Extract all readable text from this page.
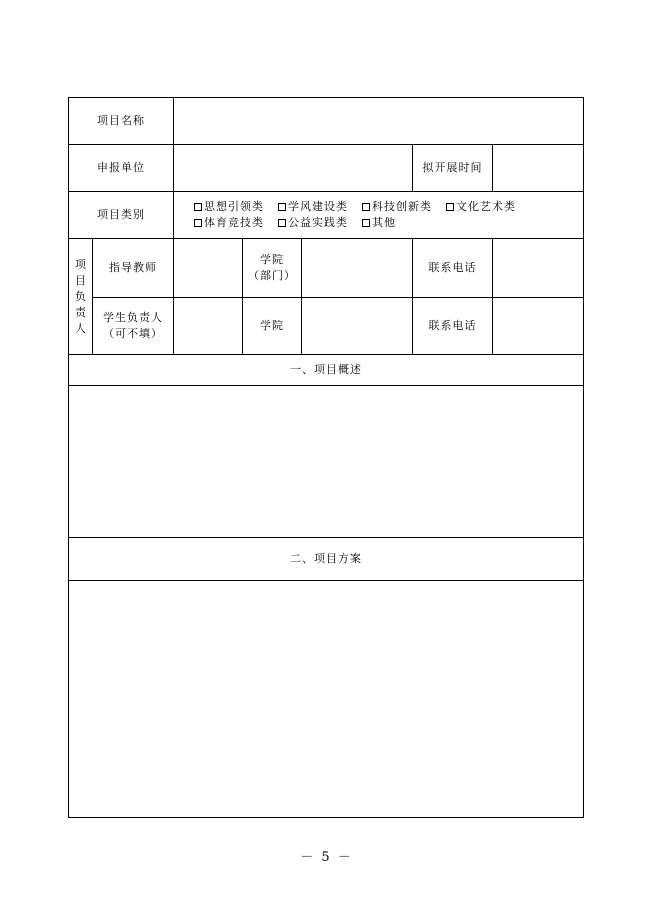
项目名称
申报单位	拟开展时间
项目类别
思想引领类 学风建设类 科技创新类 文化艺术类
体育竞技类 公益实践类 其他
项
目
负
责
人
指导教师
学院
（部门）
联系电话
学生负责人
（可不填）
学院	联系电话
一、项目概述
二、项目方案
－ 5 －
